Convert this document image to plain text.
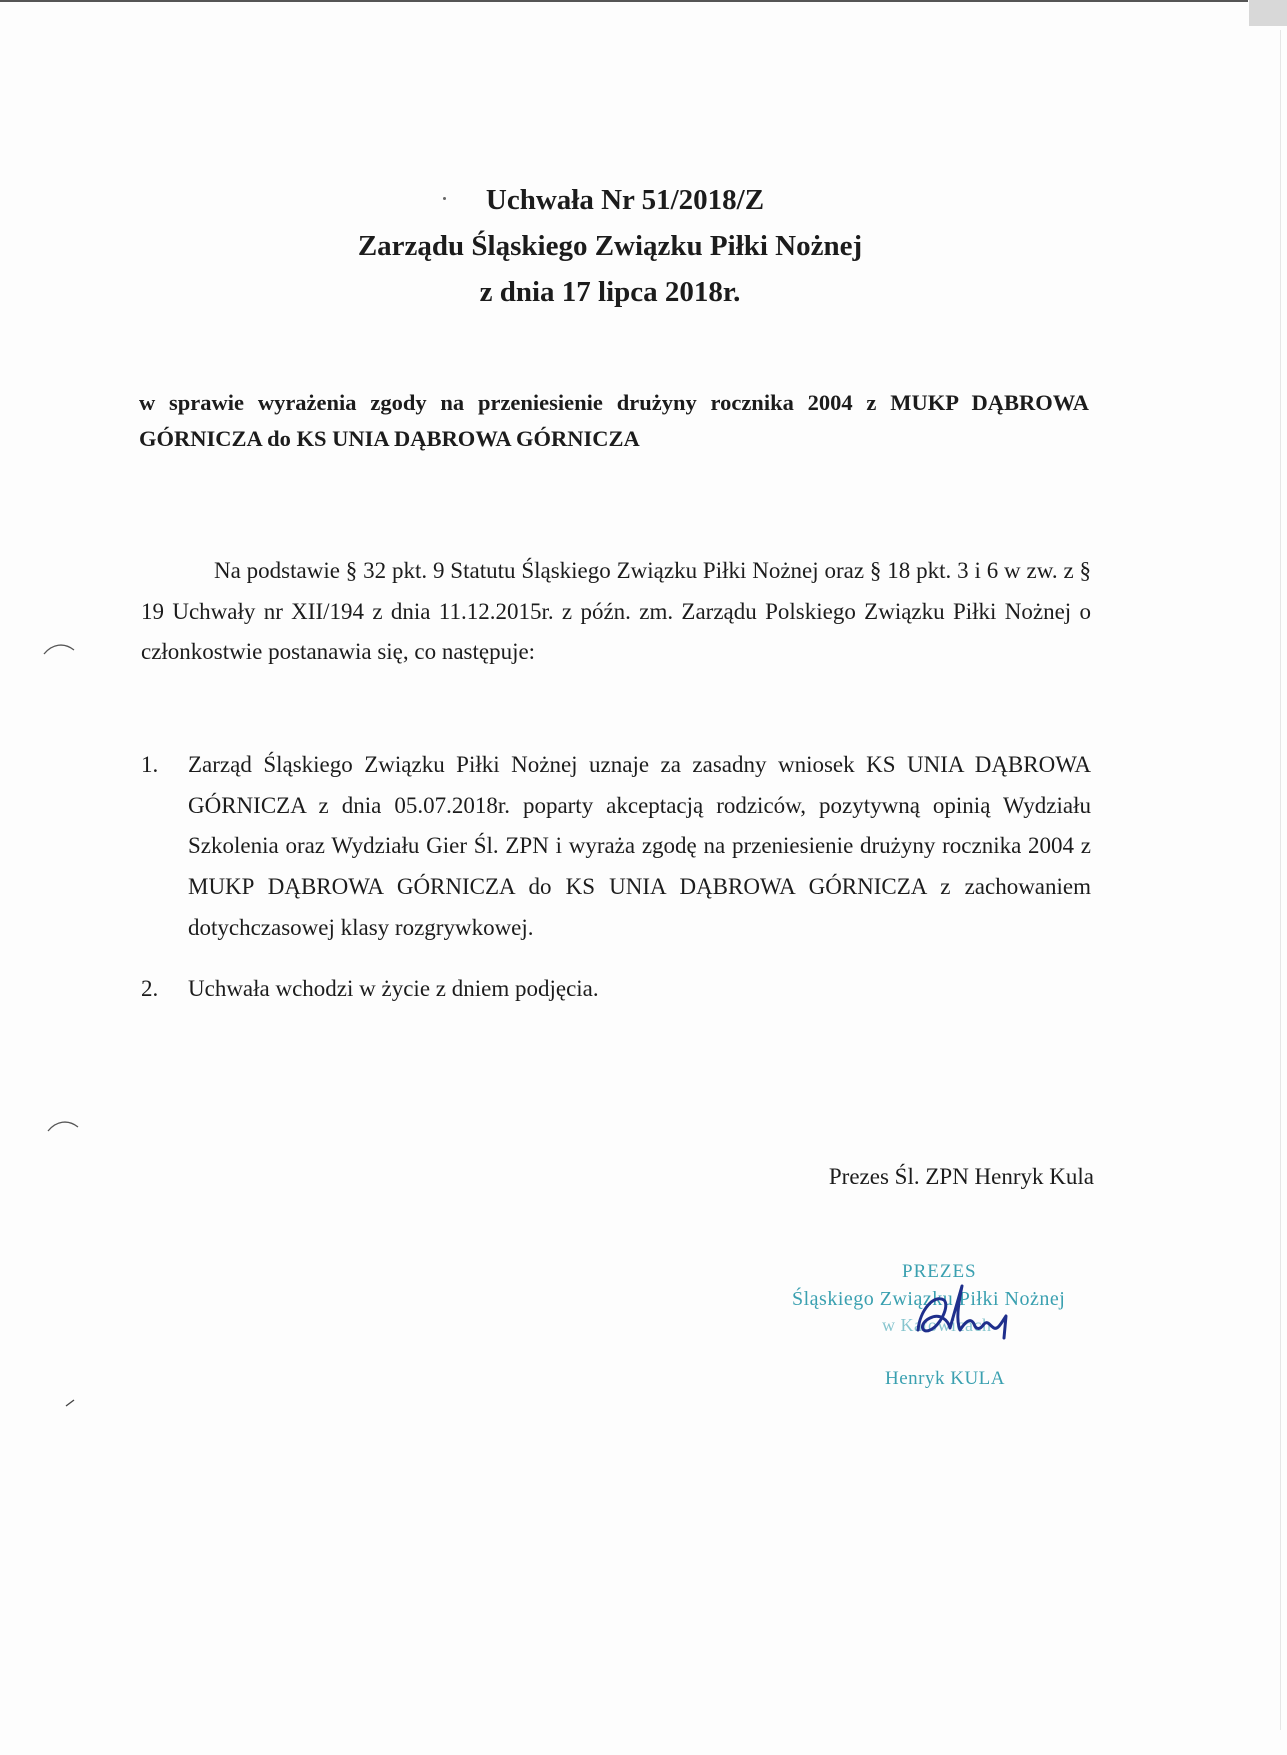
Uchwała Nr 51/2018/Z
Zarządu Śląskiego Związku Piłki Nożnej
z dnia 17 lipca 2018r.
w sprawie wyrażenia zgody na przeniesienie drużyny rocznika 2004 z MUKP DĄBROWA GÓRNICZA do KS UNIA DĄBROWA GÓRNICZA
Na podstawie § 32 pkt. 9 Statutu Śląskiego Związku Piłki Nożnej oraz § 18 pkt. 3 i 6 w zw. z § 19 Uchwały nr XII/194 z dnia 11.12.2015r. z późn. zm. Zarządu Polskiego Związku Piłki Nożnej o członkostwie postanawia się, co następuje:
1. Zarząd Śląskiego Związku Piłki Nożnej uznaje za zasadny wniosek KS UNIA DĄBROWA GÓRNICZA z dnia 05.07.2018r. poparty akceptacją rodziców, pozytywną opinią Wydziału Szkolenia oraz Wydziału Gier Śl. ZPN i wyraża zgodę na przeniesienie drużyny rocznika 2004 z MUKP DĄBROWA GÓRNICZA do KS UNIA DĄBROWA GÓRNICZA z zachowaniem dotychczasowej klasy rozgrywkowej.
2. Uchwała wchodzi w życie z dniem podjęcia.
Prezes Śl. ZPN Henryk Kula
PREZES
Śląskiego Związku Piłki Nożnej
w Katowicach
Henryk KULA
